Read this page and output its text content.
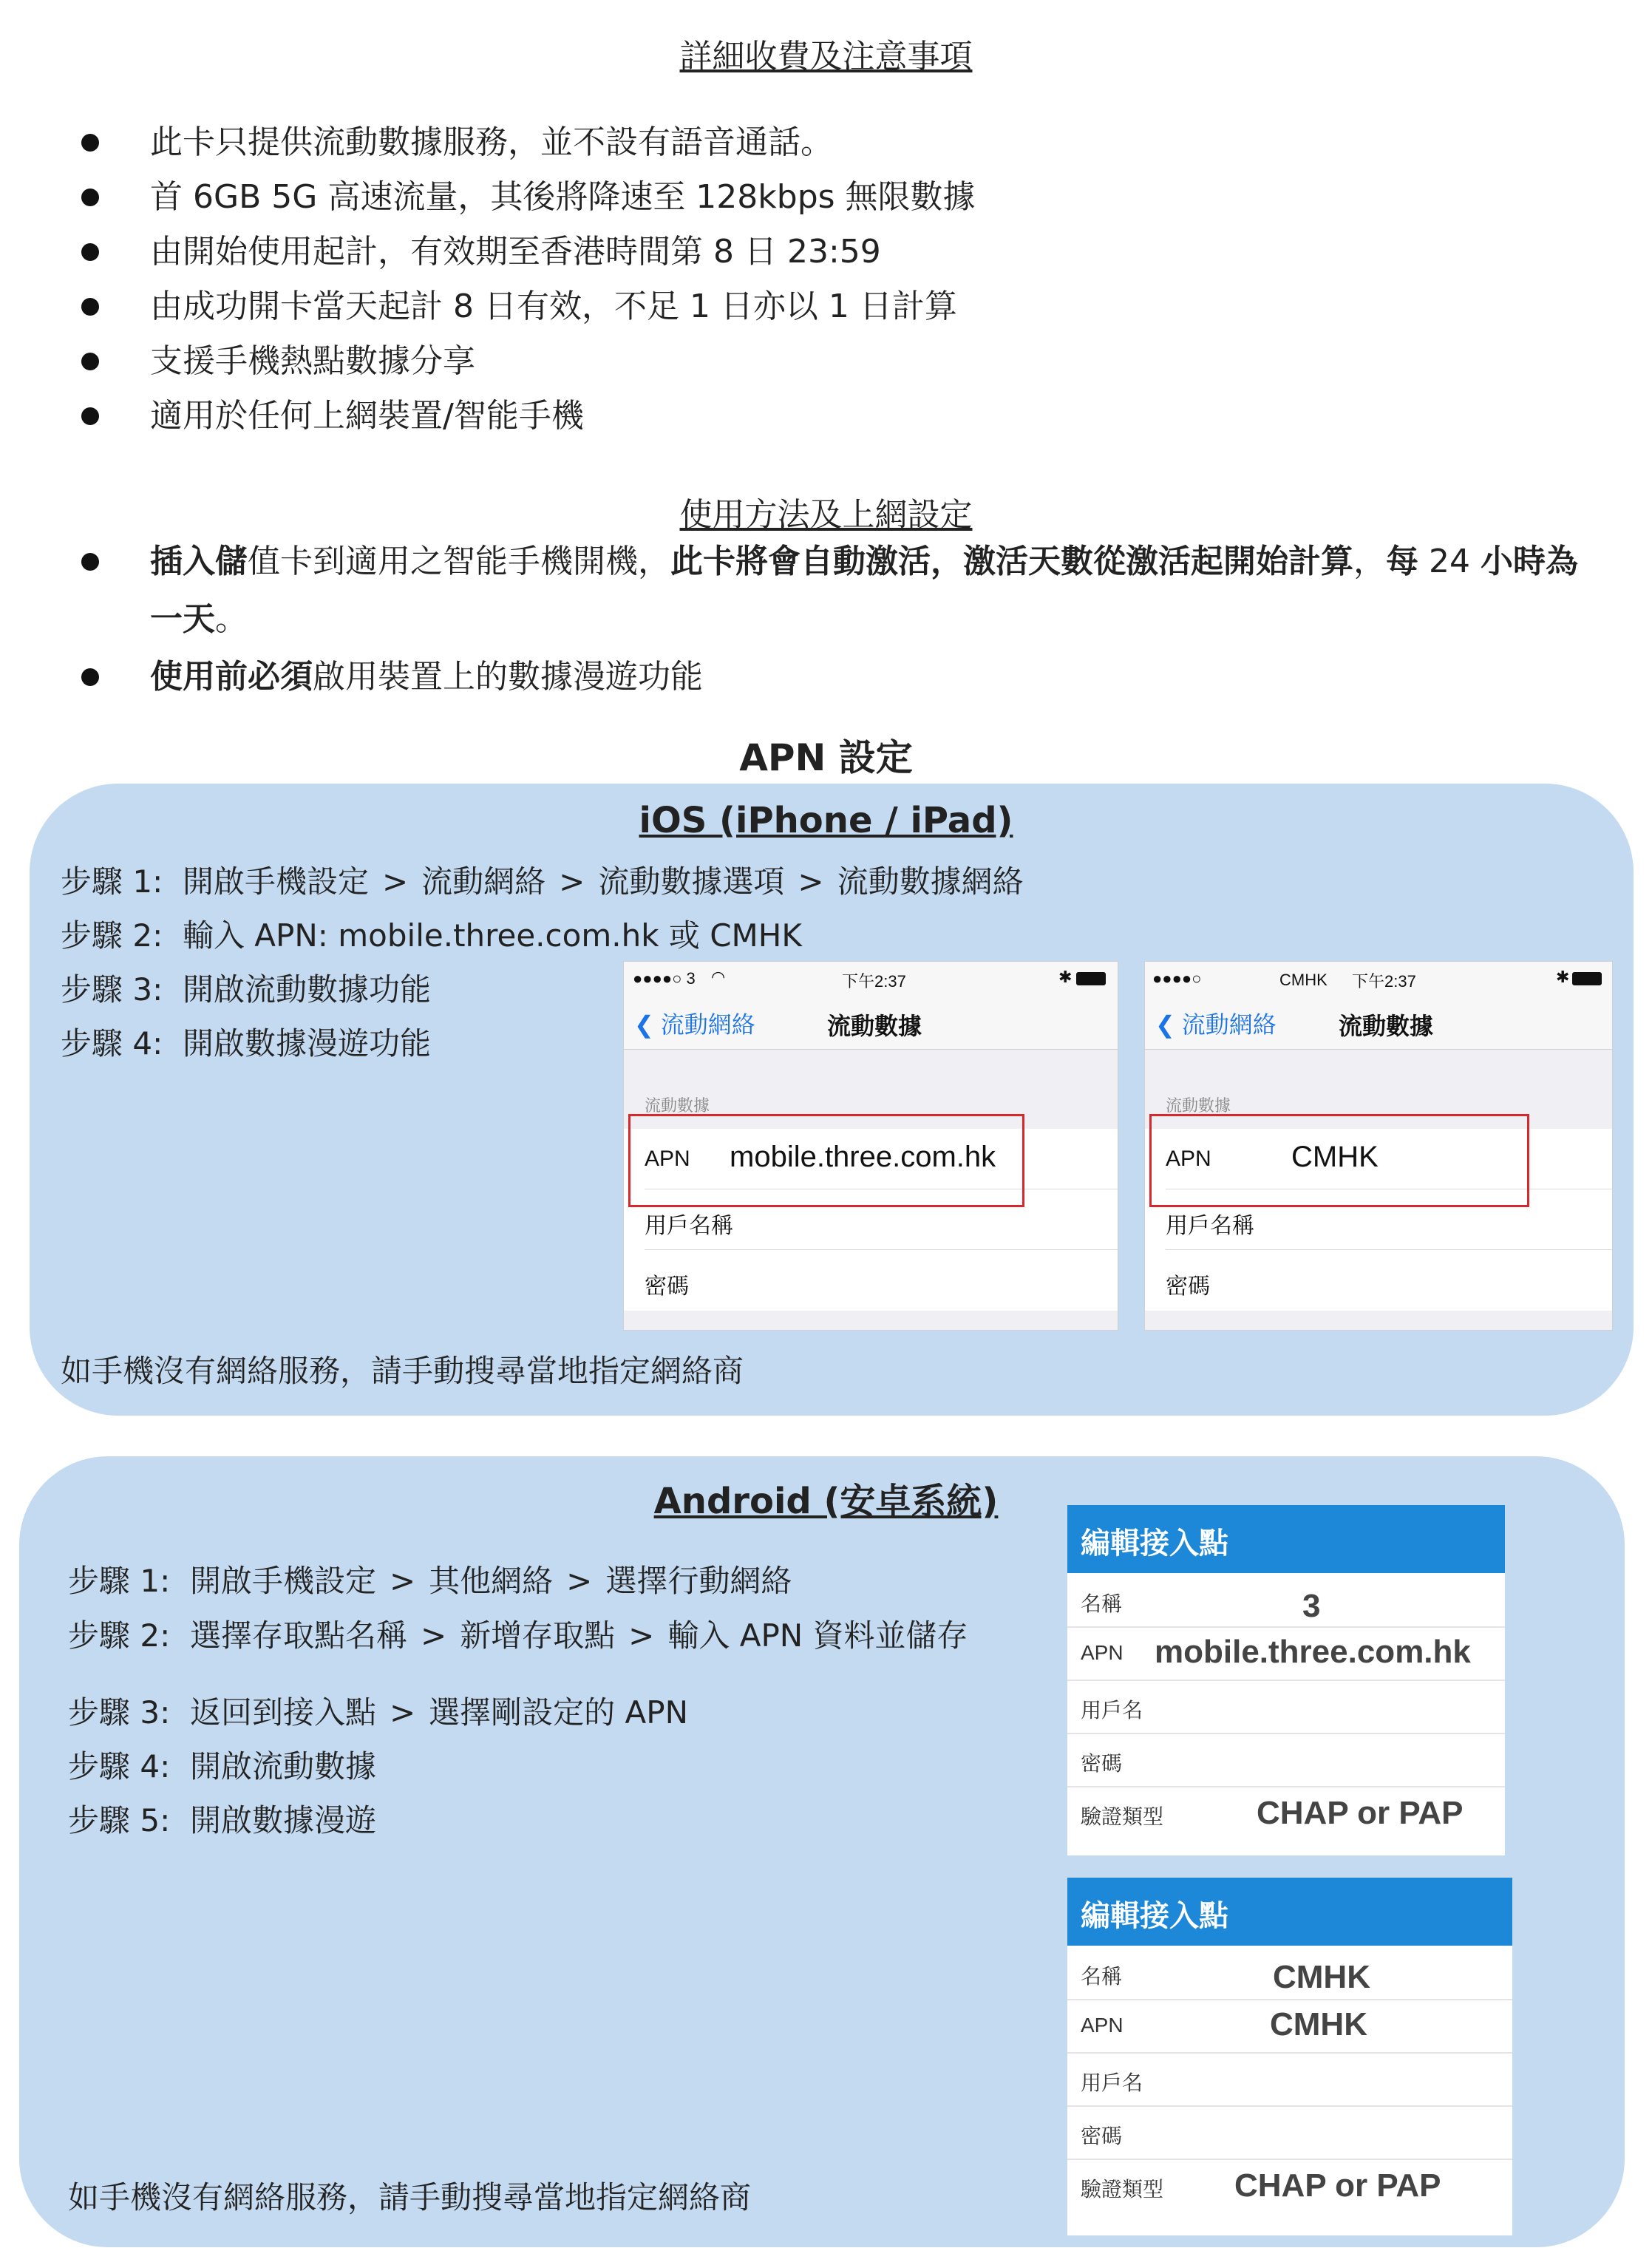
詳細收費及注意事項
此卡只提供流動數據服務，並不設有語音通話。
首 6GB 5G 高速流量，其後將降速至 128kbps 無限數據
由開始使用起計，有效期至香港時間第 8 日 23:59
由成功開卡當天起計 8 日有效，不足 1 日亦以 1 日計算
支援手機熱點數據分享
適用於任何上網裝置/智能手機
使用方法及上網設定
插入儲值卡到適用之智能手機開機，此卡將會自動激活，激活天數從激活起開始計算，每 24 小時為
一天。
使用前必須啟用裝置上的數據漫遊功能
APN 設定
iOS (iPhone / iPad)
步驟 1: 開啟手機設定 > 流動網絡 > 流動數據選項 > 流動數據網絡
步驟 2: 輸入 APN: mobile.three.com.hk 或 CMHK
步驟 3: 開啟流動數據功能
步驟 4: 開啟數據漫遊功能
●●●●○ 3 ◠	下午2:37	✱
❮ 流動網絡	流動數據
流動數據
APN mobile.three.com.hk
用戶名稱
密碼
●●●●○	CMHK 下午2:37	✱
❮ 流動網絡	流動數據
流動數據
APN	CMHK
用戶名稱
密碼
如手機沒有網絡服務，請手動搜尋當地指定網絡商
Android (安卓系統)
步驟 1: 開啟手機設定 > 其他網絡 > 選擇行動網絡
步驟 2: 選擇存取點名稱 > 新增存取點 > 輸入 APN 資料並儲存
步驟 3: 返回到接入點 > 選擇剛設定的 APN
步驟 4: 開啟流動數據
步驟 5: 開啟數據漫遊
編輯接入點
名稱	3
APN mobile.three.com.hk
用戶名
密碼
驗證類型	CHAP or PAP
編輯接入點
名稱	CMHK
APN	CMHK
用戶名
密碼
驗證類型 CHAP or PAP
如手機沒有網絡服務，請手動搜尋當地指定網絡商
